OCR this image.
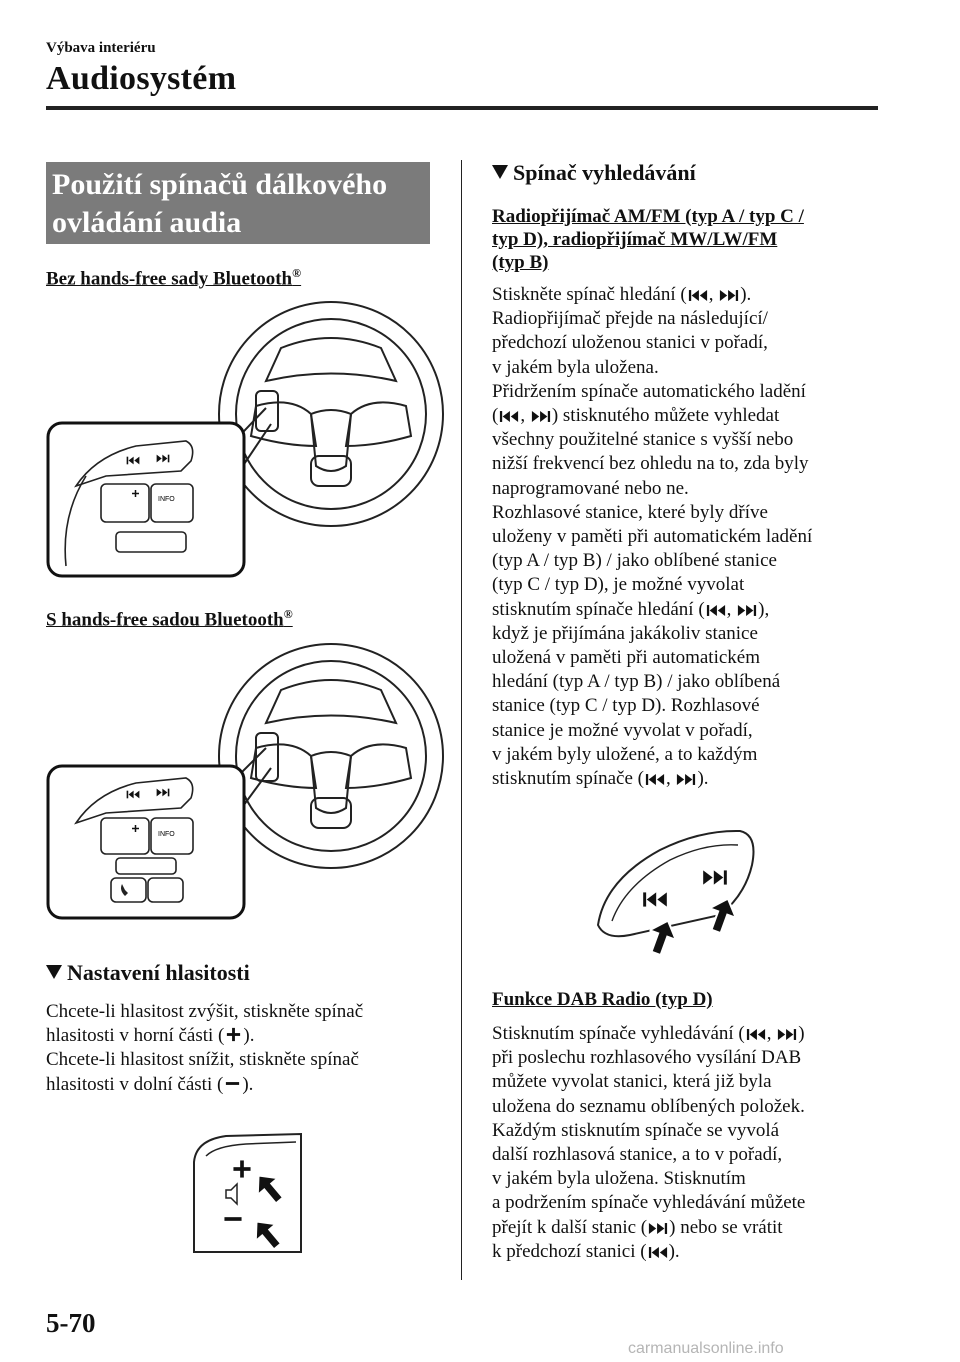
Výbava interiéru
Audiosystém
Použití spínačů dálkového
ovládání audia
Bez hands-free sady Bluetooth®
INFO
S hands-free sadou Bluetooth®
INFO
Nastavení hlasitosti
Chcete-li hlasitost zvýšit, stiskněte spínač
hlasitosti v horní části ( ).
Chcete-li hlasitost snížit, stiskněte spínač
hlasitosti v dolní části ( ).
Spínač vyhledávání
Radiopřijímač AM/FM (typ A / typ C /
typ D), radiopřijímač MW/LW/FM
(typ B)
Stiskněte spínač hledání ( , ).
Radiopřijímač přejde na následující/
předchozí uloženou stanici v pořadí,
v jakém byla uložena.
Přidržením spínače automatického ladění
( , ) stisknutého můžete vyhledat
všechny použitelné stanice s vyšší nebo
nižší frekvencí bez ohledu na to, zda byly
naprogramované nebo ne.
Rozhlasové stanice, které byly dříve
uloženy v paměti při automatickém ladění
(typ A / typ B) / jako oblíbené stanice
(typ C / typ D), je možné vyvolat
stisknutím spínače hledání ( , ),
když je přijímána jakákoliv stanice
uložená v paměti při automatickém
hledání (typ A / typ B) / jako oblíbená
stanice (typ C / typ D). Rozhlasové
stanice je možné vyvolat v pořadí,
v jakém byly uložené, a to každým
stisknutím spínače ( , ).
Funkce DAB Radio (typ D)
Stisknutím spínače vyhledávání ( , )
při poslechu rozhlasového vysílání DAB
můžete vyvolat stanici, která již byla
uložena do seznamu oblíbených položek.
Každým stisknutím spínače se vyvolá
další rozhlasová stanice, a to v pořadí,
v jakém byla uložena. Stisknutím
a podržením spínače vyhledávání můžete
přejít k další stanic ( ) nebo se vrátit
k předchozí stanici ( ).
5-70
carmanualsonline.info
